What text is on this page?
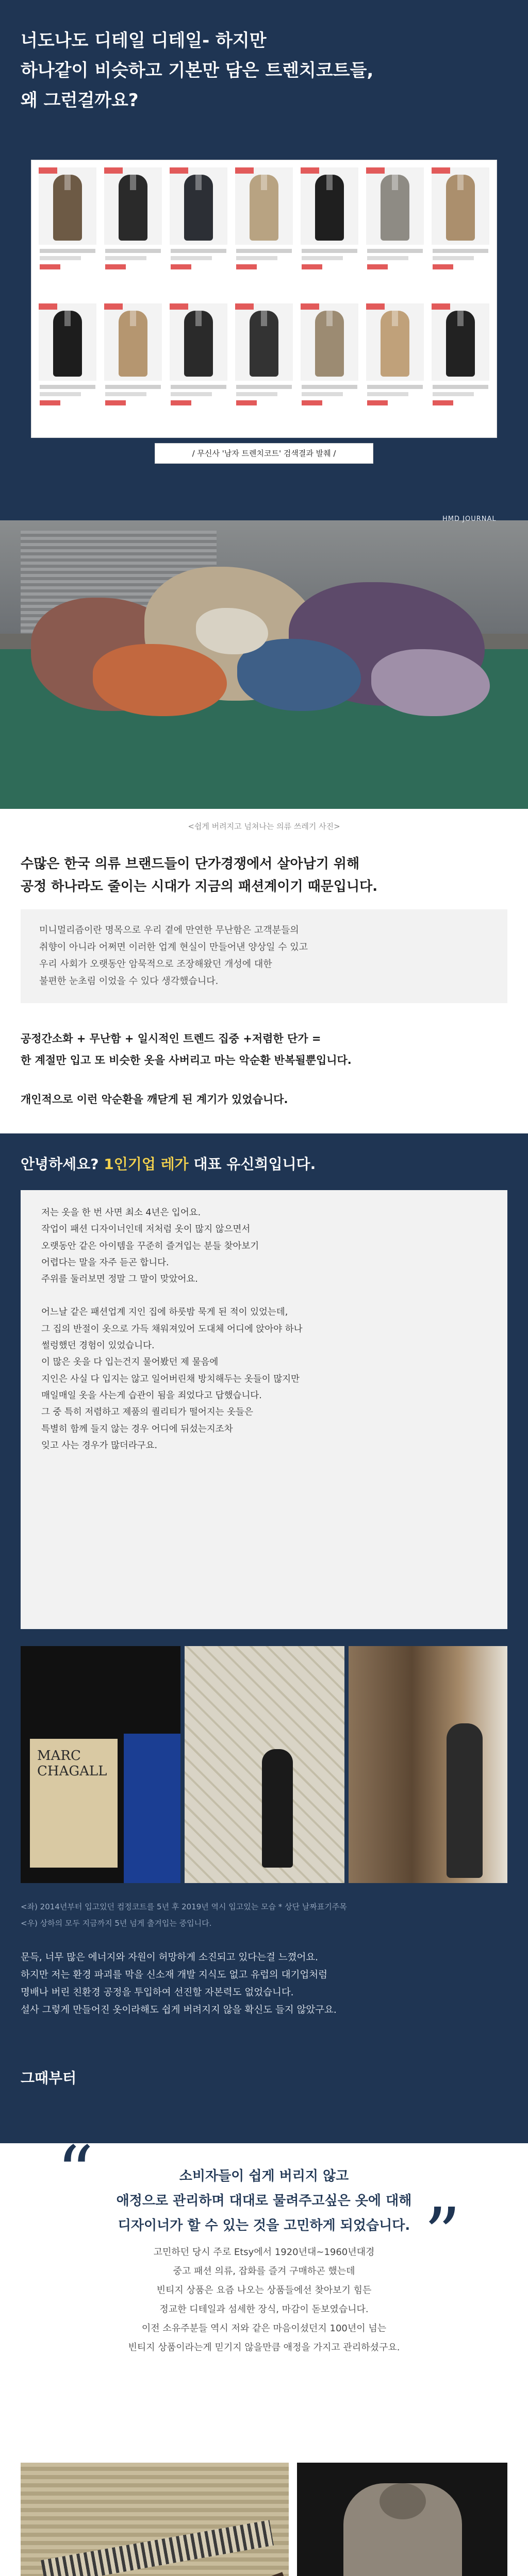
너도나도 디테일 디테일- 하지만
하나같이 비슷하고 기본만 담은 트렌치코트들,
왜 그런걸까요?
/ 무신사 '남자 트렌치코트' 검색결과 발췌 /
HMD JOURNAL
<쉽게 버려지고 넘쳐나는 의류 쓰레기 사진>
수많은 한국 의류 브랜드들이 단가경쟁에서 살아남기 위해
공정 하나라도 줄이는 시대가 지금의 패션계이기 때문입니다.
미니멀리즘이란 명목으로 우리 곁에 만연한 무난함은 고객분들의
취향이 아니라 어쩌면 이러한 업계 현실이 만들어낸 양상일 수 있고
우리 사회가 오랫동안 암묵적으로 조장해왔던 개성에 대한
불편한 눈초림 이었을 수 있다 생각했습니다.
공정간소화 + 무난함 + 일시적인 트렌드 집중 +저렴한 단가 =
한 계절만 입고 또 비슷한 옷을 사버리고 마는 악순환 반복될뿐입니다.
개인적으로 이런 악순환을 깨닫게 된 계기가 있었습니다.
안녕하세요? 1인기업 레가 대표 유신희입니다.
저는 옷을 한 번 사면 최소 4년은 입어요.
작업이 패션 디자이너인데 저처럼 옷이 많지 않으면서
오랫동안 같은 아이템을 꾸준히 즐겨입는 분들 찾아보기
어렵다는 말을 자주 듣곤 합니다.
주위를 둘러보면 정말 그 말이 맞았어요.
어느날 같은 패션업계 지인 집에 하룻밤 묵게 된 적이 있었는데,
그 집의 반절이 옷으로 가득 채워져있어 도대체 어디에 앉아야 하나
썰렁했던 경험이 있었습니다.
이 많은 옷을 다 입는건지 물어봤던 제 물음에
지인은 사실 다 입지는 않고 일어버린채 방치해두는 옷들이 많지만
매일매일 옷을 사는게 습관이 됨을 죄었다고 답했습니다.
그 중 특히 저렴하고 제품의 퀄리티가 떨어지는 옷들은
특별히 함께 들지 않는 경우 어디에 뒤섰는지조차
잊고 사는 경우가 많더라구요.
MARC
CHAGALL
<좌) 2014년부터 입고있던 컴정코트를 5년 후 2019년 역시 입고있는 모습 * 상단 날짜표기주목
<우) 상하의 모두 지금까지 5년 넘게 출겨입는 중입니다.
문득, 너무 많은 에너지와 자원이 허망하게 소진되고 있다는걸 느꼈어요.
하지만 저는 환경 파괴를 막을 신소재 개발 지식도 없고 유럽의 대기업처럼
명배나 버린 친환경 공정을 투입하여 선진할 자본력도 없었습니다.
설사 그렇게 만들어진 옷이라해도 쉽게 버려지지 않을 확신도 들지 않았구요.
그때부터
“
”
소비자들이 쉽게 버리지 않고
애정으로 관리하며 대대로 물려주고싶은 옷에 대해
디자이너가 할 수 있는 것을 고민하게 되었습니다.
고민하던 당시 주로 Etsy에서 1920년대~1960년대경
중고 패션 의류, 잡화를 즐겨 구매하곤 했는데
빈티지 상품은 요즘 나오는 상품들에선 찾아보기 힘든
정교한 디테일과 섬세한 장식, 마감이 돋보였습니다.
이전 소유주분들 역시 저와 같은 마음이셨던지 100년이 넘는
빈티지 상품이라는게 믿기지 않을만큼 애정을 가지고 관리하셨구요.
